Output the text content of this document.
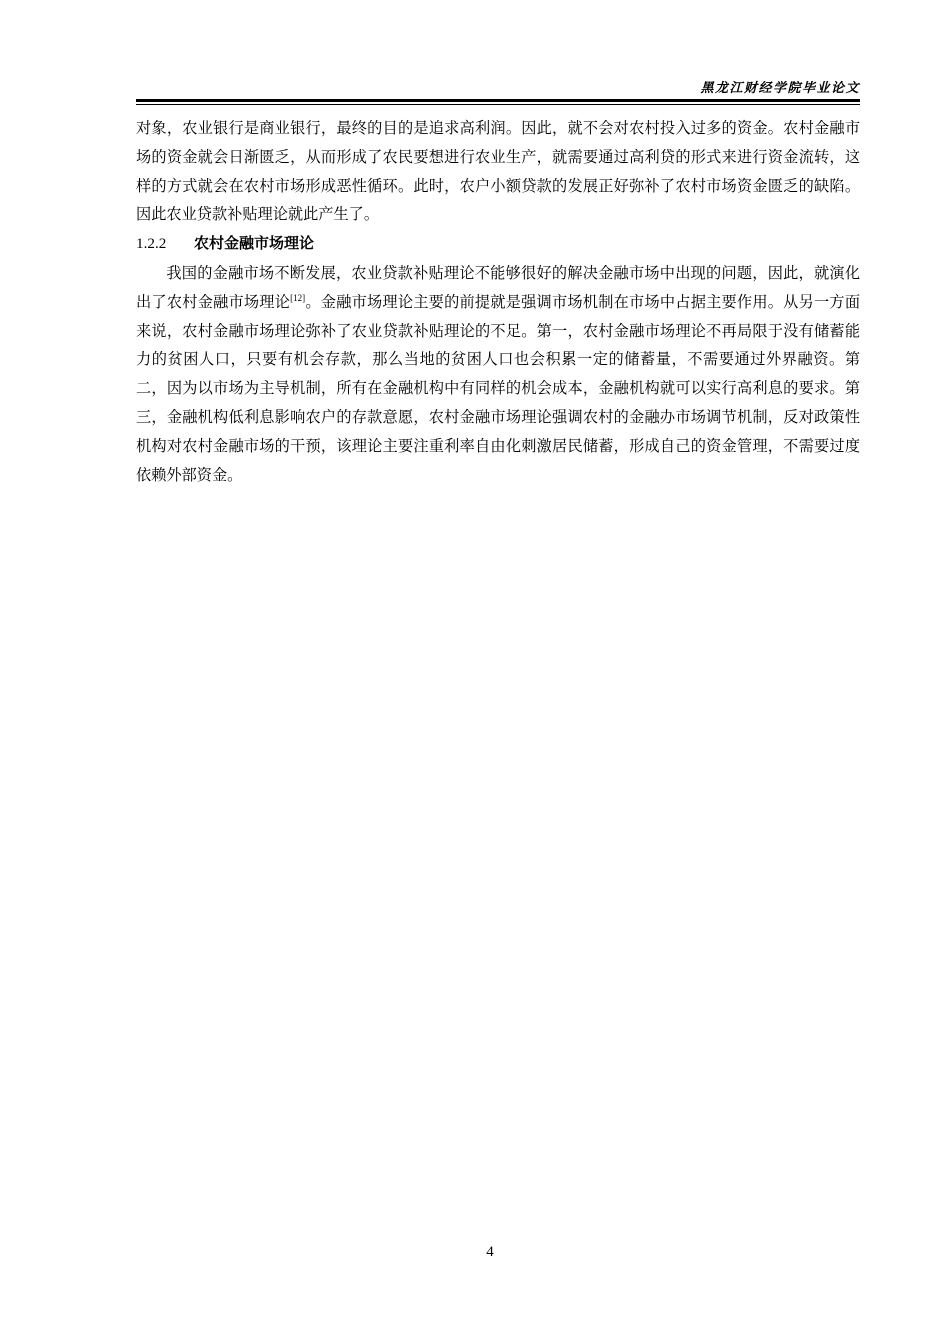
黑龙江财经学院毕业论文

对象，农业银行是商业银行，最终的目的是追求高利润。因此，就不会对农村投入过多的资金。农村金融市场的资金就会日渐匮乏，从而形成了农民要想进行农业生产，就需要通过高利贷的形式来进行资金流转，这样的方式就会在农村市场形成恶性循环。此时，农户小额贷款的发展正好弥补了农村市场资金匮乏的缺陷。因此农业贷款补贴理论就此产生了。

1.2.2 农村金融市场理论

我国的金融市场不断发展，农业贷款补贴理论不能够很好的解决金融市场中出现的问题，因此，就演化出了农村金融市场理论[12]。金融市场理论主要的前提就是强调市场机制在市场中占据主要作用。从另一方面来说，农村金融市场理论弥补了农业贷款补贴理论的不足。第一，农村金融市场理论不再局限于没有储蓄能力的贫困人口，只要有机会存款，那么当地的贫困人口也会积累一定的储蓄量，不需要通过外界融资。第二，因为以市场为主导机制，所有在金融机构中有同样的机会成本，金融机构就可以实行高利息的要求。第三，金融机构低利息影响农户的存款意愿，农村金融市场理论强调农村的金融办市场调节机制，反对政策性机构对农村金融市场的干预，该理论主要注重利率自由化刺激居民储蓄，形成自己的资金管理，不需要过度依赖外部资金。

4
